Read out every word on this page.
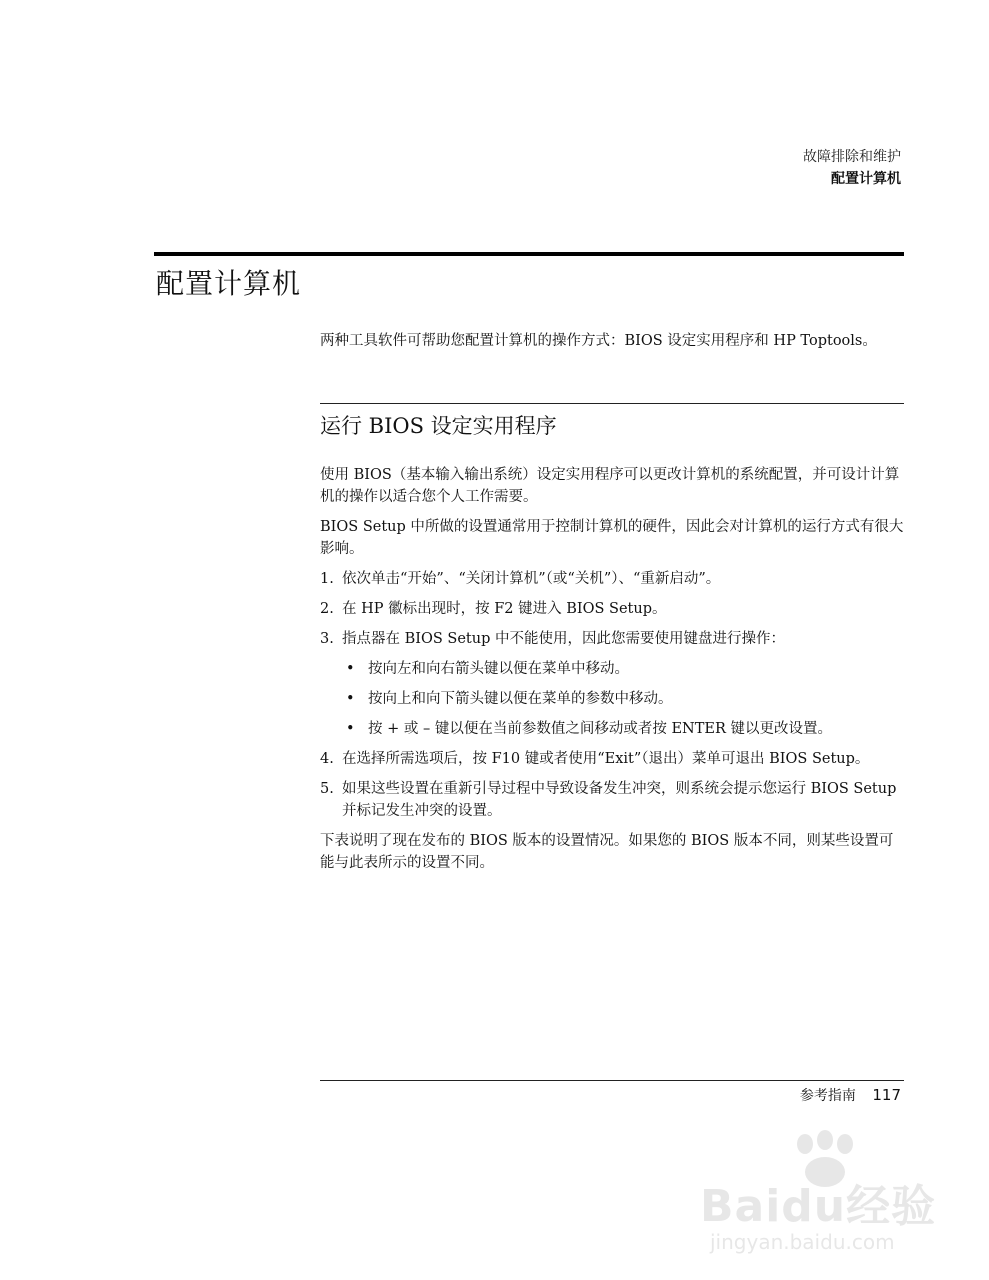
故障排除和维护
配置计算机
配置计算机
两种工具软件可帮助您配置计算机的操作方式：BIOS 设定实用程序和 HP Toptools。
运行 BIOS 设定实用程序

使用 BIOS（基本输入输出系统）设定实用程序可以更改计算机的系统配置，并可设计计算机的操作以适合您个人工作需要。

BIOS Setup 中所做的设置通常用于控制计算机的硬件，因此会对计算机的运行方式有很大影响。

1. 依次单击“开始”、“关闭计算机”（或“关机”）、“重新启动”。
2. 在 HP 徽标出现时，按 F2 键进入 BIOS Setup。
3. 指点器在 BIOS Setup 中不能使用，因此您需要使用键盘进行操作：
• 按向左和向右箭头键以便在菜单中移动。
• 按向上和向下箭头键以便在菜单的参数中移动。
• 按 + 或 – 键以便在当前参数值之间移动或者按 ENTER 键以更改设置。
4. 在选择所需选项后，按 F10 键或者使用“Exit”（退出）菜单可退出 BIOS Setup。
5. 如果这些设置在重新引导过程中导致设备发生冲突，则系统会提示您运行 BIOS Setup 并标记发生冲突的设置。

下表说明了现在发布的 BIOS 版本的设置情况。如果您的 BIOS 版本不同，则某些设置可能与此表所示的设置不同。

参考指南 117
Baidu经验
jingyan.baidu.com
